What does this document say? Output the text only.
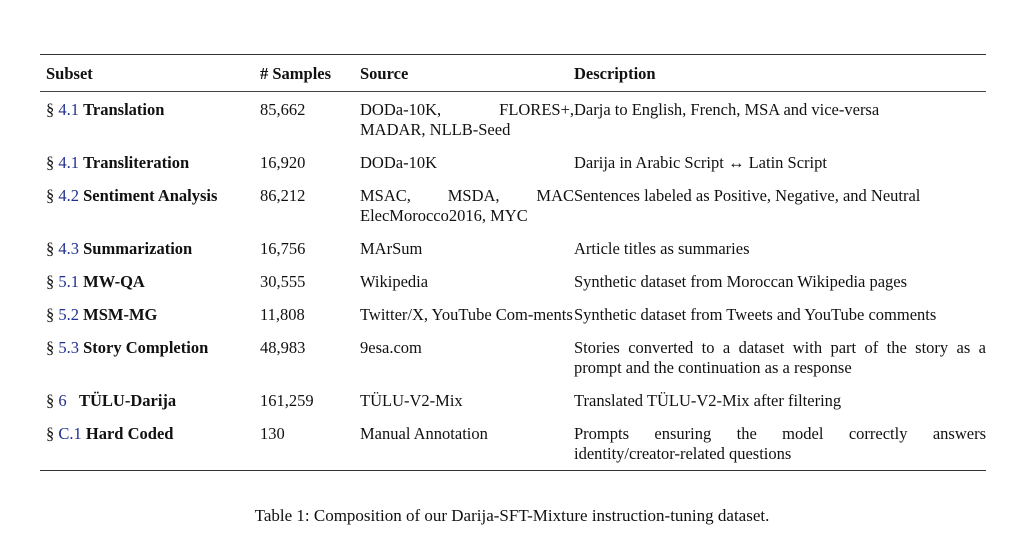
Subset	# Samples	Source	Description
§ 4.1 Translation	85,662	DODa-10K, FLORES+, MADAR, NLLB-Seed	Darja to English, French, MSA and vice-versa
§ 4.1 Transliteration	16,920	DODa-10K	Darija in Arabic Script ↔ Latin Script
§ 4.2 Sentiment Analysis	86,212	MSAC, MSDA, MAC ElecMorocco2016, MYC	Sentences labeled as Positive, Negative, and Neutral
§ 4.3 Summarization	16,756	MArSum	Article titles as summaries
§ 5.1 MW-QA	30,555	Wikipedia	Synthetic dataset from Moroccan Wikipedia pages
§ 5.2 MSM-MG	11,808	Twitter/X, YouTube Com-ments	Synthetic dataset from Tweets and YouTube comments
§ 5.3 Story Completion	48,983	9esa.com	Stories converted to a dataset with part of the story as a prompt and the continuation as a response
§ 6 TÜLU-Darija	161,259	TÜLU-V2-Mix	Translated TÜLU-V2-Mix after filtering
§ C.1 Hard Coded	130	Manual Annotation	Prompts ensuring the model correctly answers identity/creator-related questions
Table 1: Composition of our Darija-SFT-Mixture instruction-tuning dataset.
